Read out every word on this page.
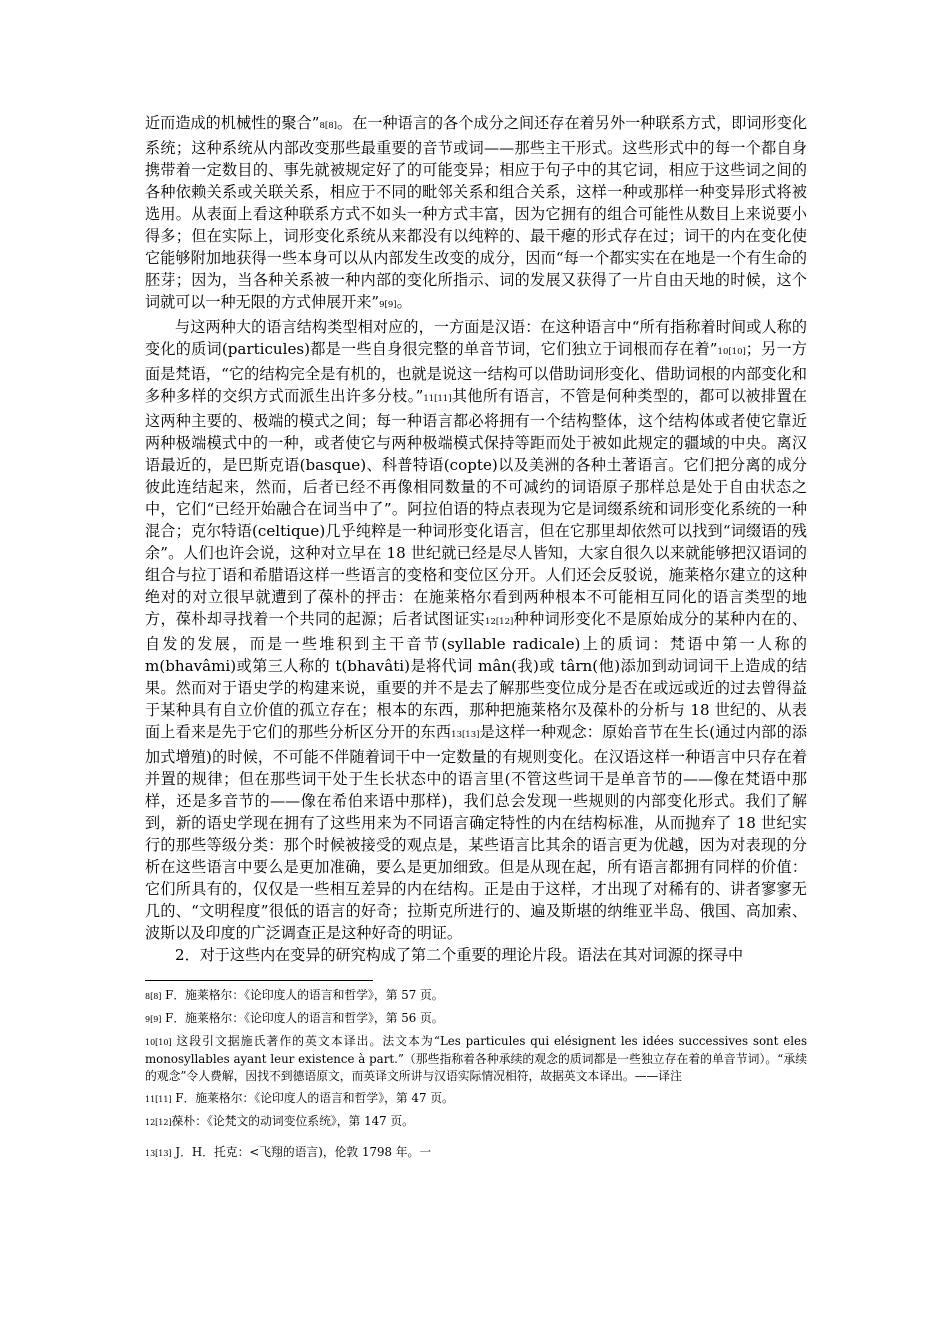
近而造成的机械性的聚合”8[8]。在一种语言的各个成分之间还存在着另外一种联系方式，即词形变化系统；这种系统从内部改变那些最重要的音节或词——那些主干形式。这些形式中的每一个都自身携带着一定数目的、事先就被规定好了的可能变异；相应于句子中的其它词，相应于这些词之间的各种依赖关系或关联关系，相应于不同的毗邻关系和组合关系，这样一种或那样一种变异形式将被选用。从表面上看这种联系方式不如头一种方式丰富，因为它拥有的组合可能性从数目上来说要小得多；但在实际上，词形变化系统从来都没有以纯粹的、最干瘪的形式存在过；词干的内在变化使它能够附加地获得一些本身可以从内部发生改变的成分，因而“每一个都实实在在地是一个有生命的胚芽；因为，当各种关系被一种内部的变化所指示、词的发展又获得了一片自由天地的时候，这个词就可以一种无限的方式伸展开来”9[9]。

与这两种大的语言结构类型相对应的，一方面是汉语：在这种语言中“所有指称着时间或人称的变化的质词(particules)都是一些自身很完整的单音节词，它们独立于词根而存在着”10[10]；另一方面是梵语，“它的结构完全是有机的，也就是说这一结构可以借助词形变化、借助词根的内部变化和多种多样的交织方式而派生出许多分枝。”11[11]其他所有语言，不管是何种类型的，都可以被排置在这两种主要的、极端的模式之间；每一种语言都必将拥有一个结构整体，这个结构体或者使它靠近两种极端模式中的一种，或者使它与两种极端模式保持等距而处于被如此规定的疆域的中央。离汉语最近的，是巴斯克语(basque)、科普特语(copte)以及美洲的各种土著语言。它们把分离的成分彼此连结起来，然而，后者已经不再像相同数量的不可减约的词语原子那样总是处于自由状态之中，它们“已经开始融合在词当中了”。阿拉伯语的特点表现为它是词缀系统和词形变化系统的一种混合；克尔特语(celtique)几乎纯粹是一种词形变化语言，但在它那里却依然可以找到“词缀语的残余”。人们也许会说，这种对立早在 18 世纪就已经是尽人皆知，大家自很久以来就能够把汉语词的组合与拉丁语和希腊语这样一些语言的变格和变位区分开。人们还会反驳说，施莱格尔建立的这种绝对的对立很早就遭到了葆朴的抨击：在施莱格尔看到两种根本不可能相互同化的语言类型的地方，葆朴却寻找着一个共同的起源；后者试图证实12[12]种种词形变化不是原始成分的某种内在的、自发的发展，而是一些堆积到主干音节(syllable radicale)上的质词：梵语中第一人称的 m(bhavâmi)或第三人称的 t(bhavâti)是将代词 mân(我)或 târn(他)添加到动词词干上造成的结果。然而对于语史学的构建来说，重要的并不是去了解那些变位成分是否在或远或近的过去曾得益于某种具有自立价值的孤立存在；根本的东西，那种把施莱格尔及葆朴的分析与 18 世纪的、从表面上看来是先于它们的那些分析区分开的东西13[13]是这样一种观念：原始音节在生长(通过内部的添加式增殖)的时候，不可能不伴随着词干中一定数量的有规则变化。在汉语这样一种语言中只存在着并置的规律；但在那些词干处于生长状态中的语言里(不管这些词干是单音节的——像在梵语中那样，还是多音节的——像在希伯来语中那样)，我们总会发现一些规则的内部变化形式。我们了解到，新的语史学现在拥有了这些用来为不同语言确定特性的内在结构标准，从而抛弃了 18 世纪实行的那些等级分类：那个时候被接受的观点是，某些语言比其余的语言更为优越，因为对表现的分析在这些语言中要么是更加准确，要么是更加细致。但是从现在起，所有语言都拥有同样的价值：它们所具有的，仅仅是一些相互差异的内在结构。正是由于这样，才出现了对稀有的、讲者寥寥无几的、“文明程度”很低的语言的好奇；拉斯克所进行的、遍及斯堪的纳维亚半岛、俄国、高加索、波斯以及印度的广泛调查正是这种好奇的明证。

2．对于这些内在变异的研究构成了第二个重要的理论片段。语法在其对词源的探寻中

8[8] F．施莱格尔：《论印度人的语言和哲学》，第 57 页。

9[9] F．施莱格尔：《论印度人的语言和哲学》，第 56 页。

10[10] 这段引文据施氏著作的英文本译出。法文本为“Les particules qui elésignent les idées successives sont eles monosyllables ayant leur existence à part.”（那些指称着各种承续的观念的质词都是一些独立存在着的单音节词）。“承续的观念”令人费解，因找不到德语原文，而英译文所讲与汉语实际情况相符，故据英文本译出。——译注

11[11] F．施莱格尔：《论印度人的语言和哲学》，第 47 页。

12[12]葆朴：《论梵文的动词变位系统》，第 147 页。

13[13] J．H．托克：<飞翔的语言)，伦敦 1798 年。一
